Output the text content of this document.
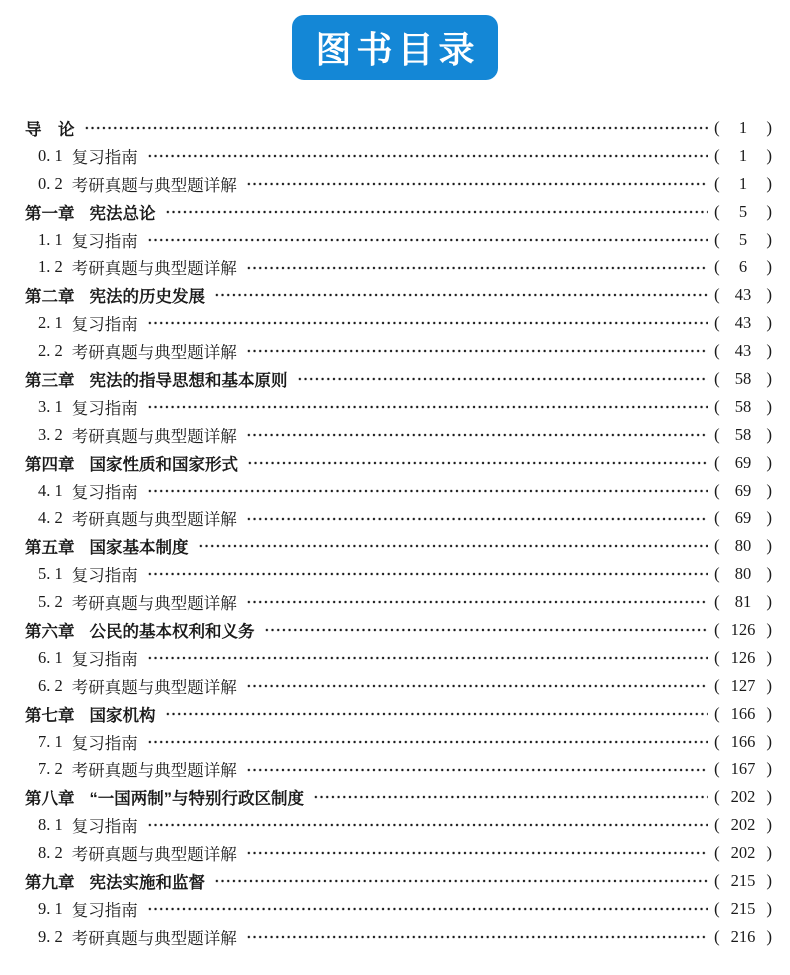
图书目录
导　论	(	1	)
0. 1 复习指南	(	1	)
0. 2 考研真题与典型题详解	(	1	)
第一章 宪法总论	(	5	)
1. 1 复习指南	(	5	)
1. 2 考研真题与典型题详解	(	6	)
第二章 宪法的历史发展	( 43 )
2. 1 复习指南	( 43 )
2. 2 考研真题与典型题详解	( 43 )
第三章 宪法的指导思想和基本原则	( 58 )
3. 1 复习指南	( 58 )
3. 2 考研真题与典型题详解	( 58 )
第四章 国家性质和国家形式	( 69 )
4. 1 复习指南	( 69 )
4. 2 考研真题与典型题详解	( 69 )
第五章 国家基本制度	( 80 )
5. 1 复习指南	( 80 )
5. 2 考研真题与典型题详解	( 81 )
第六章 公民的基本权利和义务	( 126 )
6. 1 复习指南	( 126 )
6. 2 考研真题与典型题详解	( 127 )
第七章 国家机构	( 166 )
7. 1 复习指南	( 166 )
7. 2 考研真题与典型题详解	( 167 )
第八章 “一国两制”与特别行政区制度	( 202 )
8. 1 复习指南	( 202 )
8. 2 考研真题与典型题详解	( 202 )
第九章 宪法实施和监督	( 215 )
9. 1 复习指南	( 215 )
9. 2 考研真题与典型题详解	( 216 )
